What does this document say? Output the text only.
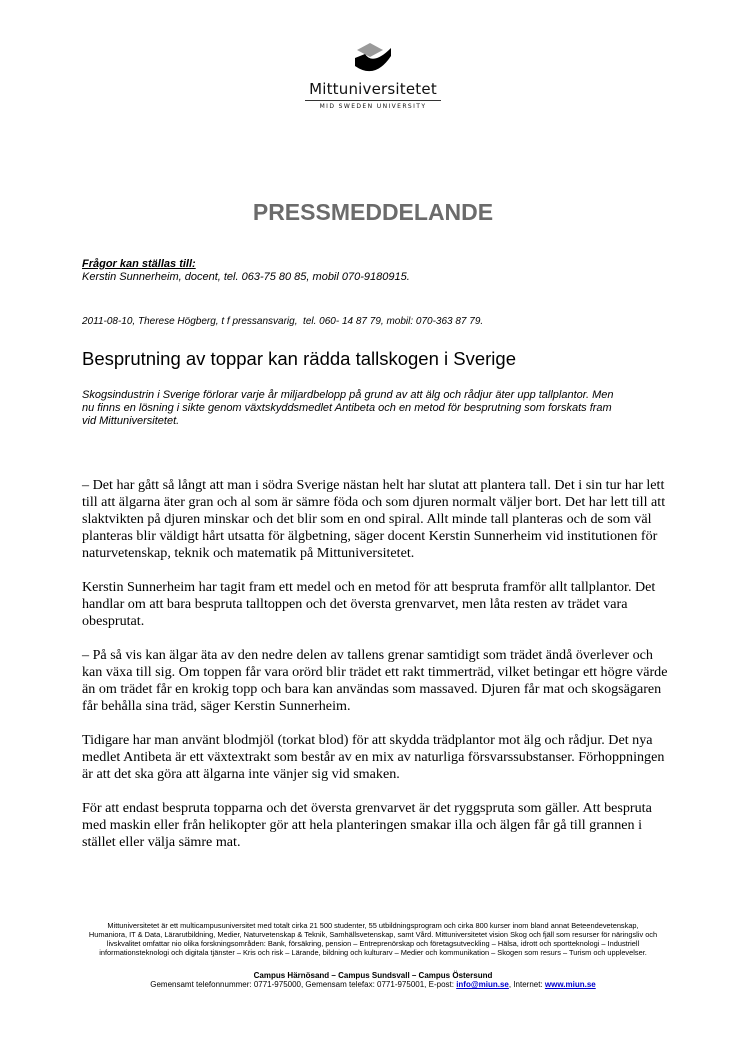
Mittuniversitetet
MID SWEDEN UNIVERSITY
PRESSMEDDELANDE
Frågor kan ställas till:
Kerstin Sunnerheim, docent, tel. 063-75 80 85, mobil 070-9180915.
2011-08-10, Therese Högberg, t f pressansvarig,  tel. 060- 14 87 79, mobil: 070-363 87 79.
Besprutning av toppar kan rädda tallskogen i Sverige
Skogsindustrin i Sverige förlorar varje år miljardbelopp på grund av att älg och rådjur äter upp tallplantor. Men nu finns en lösning i sikte genom växtskyddsmedlet Antibeta och en metod för besprutning som forskats fram vid Mittuniversitetet.

– Det har gått så långt att man i södra Sverige nästan helt har slutat att plantera tall. Det i sin tur har lett till att älgarna äter gran och al som är sämre föda och som djuren normalt väljer bort. Det har lett till att slaktvikten på djuren minskar och det blir som en ond spiral. Allt minde tall planteras och de som väl planteras blir väldigt hårt utsatta för älgbetning, säger docent Kerstin Sunnerheim vid institutionen för naturvetenskap, teknik och matematik på Mittuniversitetet.

Kerstin Sunnerheim har tagit fram ett medel och en metod för att bespruta framför allt tallplantor. Det handlar om att bara bespruta talltoppen och det översta grenvarvet, men låta resten av trädet vara obesprutat.

– På så vis kan älgar äta av den nedre delen av tallens grenar samtidigt som trädet ändå överlever och kan växa till sig. Om toppen får vara orörd blir trädet ett rakt timmerträd, vilket betingar ett högre värde än om trädet får en krokig topp och bara kan användas som massaved. Djuren får mat och skogsägaren får behålla sina träd, säger Kerstin Sunnerheim.

Tidigare har man använt blodmjöl (torkat blod) för att skydda trädplantor mot älg och rådjur. Det nya medlet Antibeta är ett växtextrakt som består av en mix av naturliga försvarssubstanser. Förhoppningen är att det ska göra att älgarna inte vänjer sig vid smaken.

För att endast bespruta topparna och det översta grenvarvet är det ryggspruta som gäller. Att bespruta med maskin eller från helikopter gör att hela planteringen smakar illa och älgen får gå till grannen i stället eller välja sämre mat.

Mittuniversitetet är ett multicampusuniversitet med totalt cirka 21 500 studenter, 55 utbildningsprogram och cirka 800 kurser inom bland annat Beteendevetenskap, Humaniora, IT & Data, Lärarutbildning, Medier, Naturvetenskap & Teknik, Samhällsvetenskap, samt Vård. Mittuniversitetet vision Skog och fjäll som resurser för näringsliv och livskvalitet omfattar nio olika forskningsområden: Bank, försäkring, pension – Entreprenörskap och företagsutveckling – Hälsa, idrott och sportteknologi – Industriell informationsteknologi och digitala tjänster – Kris och risk – Lärande, bildning och kulturarv – Medier och kommunikation – Skogen som resurs – Turism och upplevelser.
Campus Härnösand – Campus Sundsvall – Campus Östersund
Gemensamt telefonnummer: 0771-975000, Gemensam telefax: 0771-975001, E-post: info@miun.se, Internet: www.miun.se
